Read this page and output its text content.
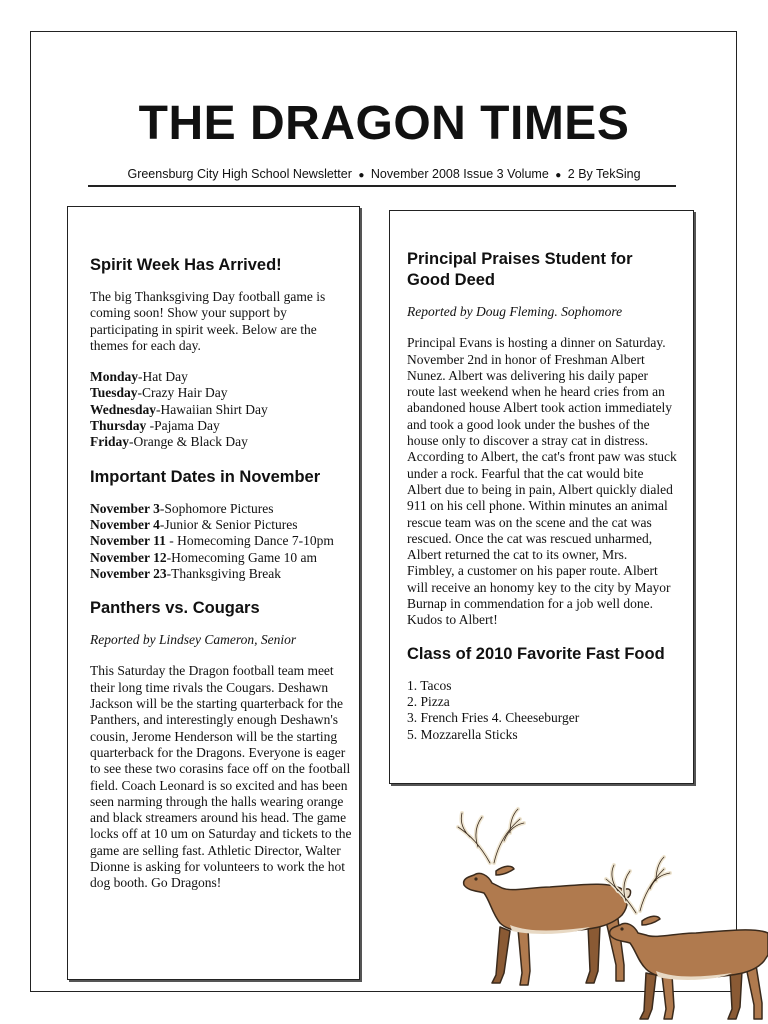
THE DRAGON TIMES
Greensburg City High School Newsletter ● November 2008 Issue 3 Volume ● 2 By TekSing
Spirit Week Has Arrived!

The big Thanksgiving Day football game is coming soon! Show your support by participating in spirit week. Below are the themes for each day.

Monday-Hat Day
Tuesday-Crazy Hair Day
Wednesday-Hawaiian Shirt Day
Thursday -Pajama Day
Friday-Orange & Black Day
Important Dates in November
November 3-Sophomore Pictures
November 4-Junior & Senior Pictures
November 11 - Homecoming Dance 7-10pm
November 12-Homecoming Game 10 am
November 23-Thanksgiving Break
Panthers vs. Cougars

Reported by Lindsey Cameron, Senior

This Saturday the Dragon football team meet their long time rivals the Cougars. Deshawn Jackson will be the starting quarterback for the Panthers, and interestingly enough Deshawn's cousin, Jerome Henderson will be the starting quarterback for the Dragons. Everyone is eager to see these two corasins face off on the football field. Coach Leonard is so excited and has been seen narming through the halls wearing orange and black streamers around his head. The game locks off at 10 um on Saturday and tickets to the game are selling fast. Athletic Director, Walter Dionne is asking for volunteers to work the hot dog booth. Go Dragons!

Principal Praises Student for Good Deed

Reported by Doug Fleming. Sophomore

Principal Evans is hosting a dinner on Saturday. November 2nd in honor of Freshman Albert Nunez. Albert was delivering his daily paper route last weekend when he heard cries from an abandoned house Albert took action immediately and took a good look under the bushes of the house only to discover a stray cat in distress. According to Albert, the cat's front paw was stuck under a rock. Fearful that the cat would bite Albert due to being in pain, Albert quickly dialed 911 on his cell phone. Within minutes an animal rescue team was on the scene and the cat was rescued. Once the cat was rescued unharmed, Albert returned the cat to its owner, Mrs. Fimbley, a customer on his paper route. Albert will receive an honomy key to the city by Mayor Burnap in commendation for a job well done. Kudos to Albert!

Class of 2010 Favorite Fast Food
1. Tacos
2. Pizza
3. French Fries 4. Cheeseburger
5. Mozzarella Sticks
